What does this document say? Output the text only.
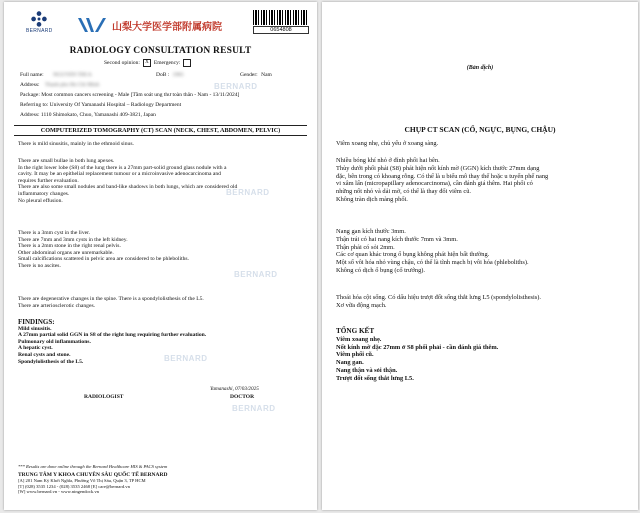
BERNARD	山梨大学医学部附属病院	0654808
RADIOLOGY CONSULTATION RESULT
Second opinion:	X Emergency:
Full name: NGUYEN THI A	DoB : 1965	Gender: Nam
Address: Thanh pho Ho Chi Minh
Package: Most common cancers screening - Male [Tầm soát ung thư toàn thân - Nam - 13/11/2024]
Referring to: University Of Yamanashi Hospital – Radiology Department
Address: 1110 Shimokato, Chuo, Yamanashi 409-3821, Japan
COMPUTERIZED TOMOGRAPHY (CT) SCAN (NECK, CHEST, ABDOMEN, PELVIC)
There is mild sinusitis, mainly in the ethmoid sinus.
There are small bullae in both lung apexes.
In the right lower lobe (S8) of the lung there is a 27mm part-solid ground glass nodule with a
cavity. It may be an epithelial replacement tumour or a microinvasive adenocarcinoma and
requires further evaluation.
There are also some small nodules and band-like shadows in both lungs, which are considered old
inflammatory changes.
No pleural effusion.
There is a 3mm cyst in the liver.
There are 7mm and 3mm cysts in the left kidney.
There is a 2mm stone in the right renal pelvis.
Other abdominal organs are unremarkable.
Small calcifications scattered in pelvic area are considered to be phleboliths.
There is no ascites.
There are degenerative changes in the spine. There is a spondylolisthesis of the L5.
There are arteriosclerotic changes.
FINDINGS:
Mild sinusitis.
A 27mm partial solid GGN in S8 of the right lung requiring further evaluation.
Pulmonary old inflammations.
A hepatic cyst.
Renal cysts and stone.
Spondylolisthesis of the L5.
Yamanashi, 07/03/2025
RADIOLOGIST	DOCTOR
*** Results are done online through the Bernard Healthcare HIS & PACS system
TRUNG TÂM Y KHOA CHUYÊN SÂU QUỐC TẾ BERNARD
[A] 201 Nam Kỳ Khởi Nghĩa, Phường Võ Thị Sáu, Quận 3, TP HCM
[T] (028) 3535 1234 - (028) 3535 2468 [E] care@bernard.vn
[W] www.bernard.vn - www.ningendock.vn
BERNARD
BERNARD
BERNARD
BERNARD
BERNARD
(Bản dịch)
CHỤP CT SCAN (CỔ, NGỰC, BỤNG, CHẬU)
Viêm xoang nhẹ, chủ yếu ở xoang sàng.
Nhiều bóng khí nhỏ ở đỉnh phổi hai bên.
Thùy dưới phổi phải (S8) phát hiện nốt kính mờ (GGN) kích thước 27mm dạng
đặc, bên trong có khoang rỗng. Có thể là u biểu mô thay thế hoặc u tuyến phế nang
vi xâm lấn (micropapillary adenocarcinoma), cần đánh giá thêm. Hai phổi có
những nốt nhỏ và dải mờ, có thể là thay đổi viêm cũ.
Không tràn dịch màng phổi.
Nang gan kích thước 3mm.
Thận trái có hai nang kích thước 7mm và 3mm.
Thận phải có sỏi 2mm.
Các cơ quan khác trong ổ bụng không phát hiện bất thường.
Một số vôi hóa nhỏ vùng chậu, có thể là tĩnh mạch bị vôi hóa (phleboliths).
Không có dịch ổ bụng (cổ trướng).
Thoái hóa cột sống. Có dấu hiệu trượt đốt sống thắt lưng L5 (spondylolisthesis).
Xơ vữa động mạch.
TỔNG KẾT
Viêm xoang nhẹ.
Nốt kính mờ đặc 27mm ở S8 phổi phải - cần đánh giá thêm.
Viêm phổi cũ.
Nang gan.
Nang thận và sỏi thận.
Trượt đốt sống thắt lưng L5.
